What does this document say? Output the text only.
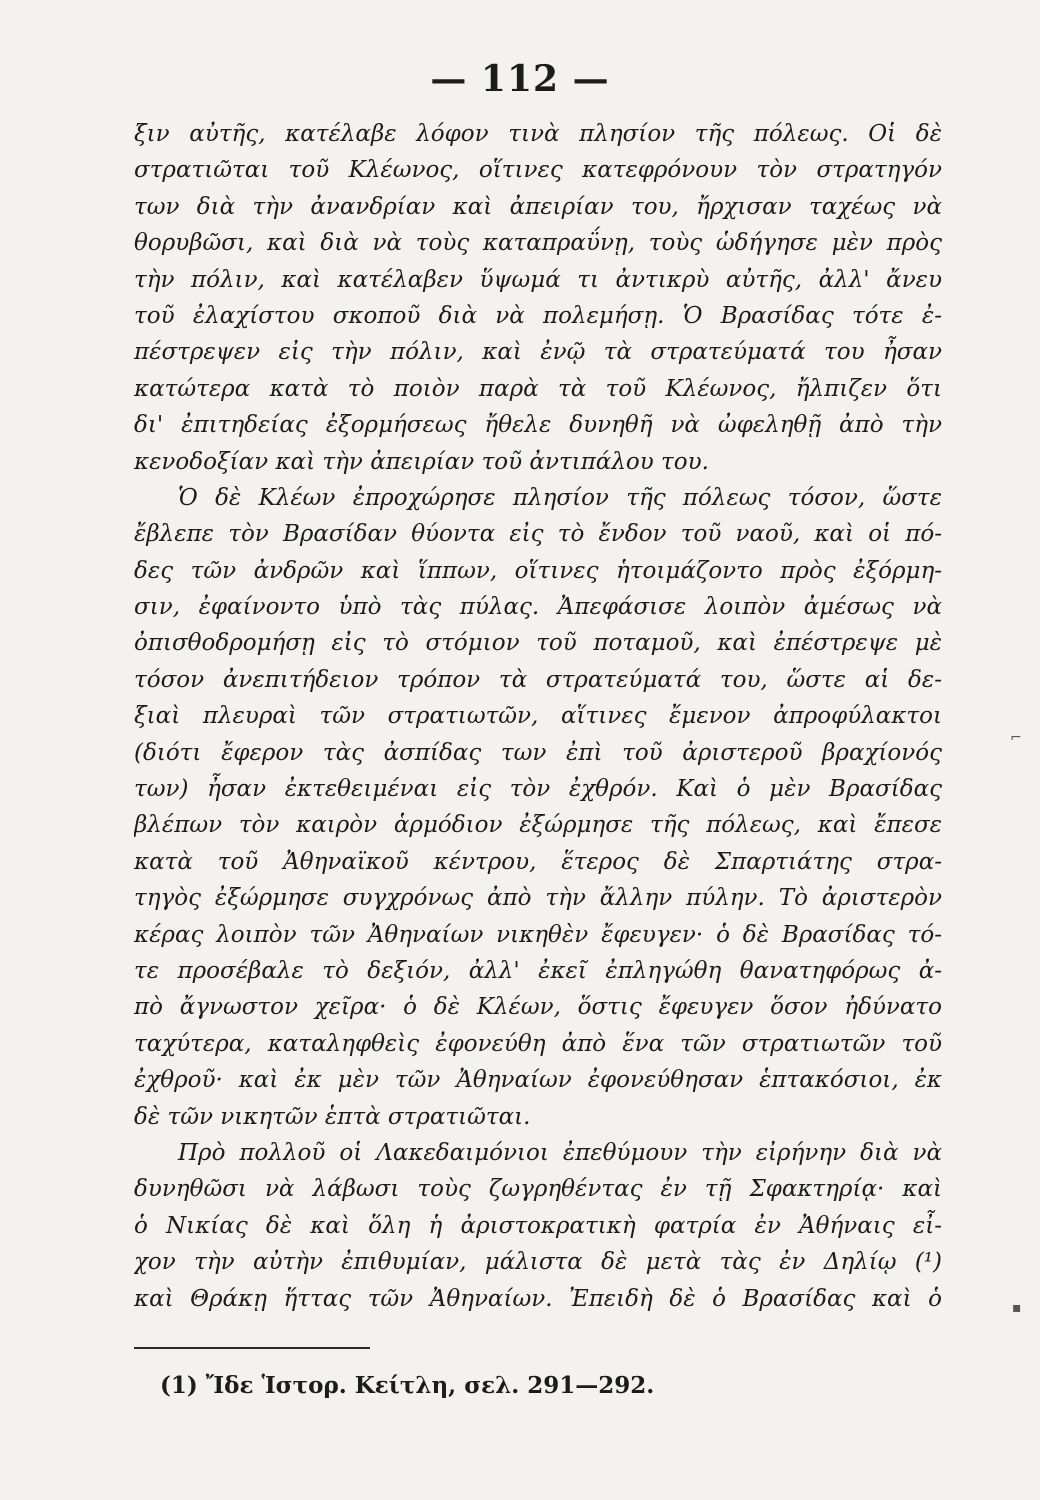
— 112 —
ξιν αὐτῆς, κατέλαβε λόφον τινὰ πλησίον τῆς πόλεως. Οἱ δὲ
στρατιῶται τοῦ Κλέωνος, οἵτινες κατεφρόνουν τὸν στρατηγόν
των διὰ τὴν ἀνανδρίαν καὶ ἀπειρίαν του, ἤρχισαν ταχέως νὰ
θορυβῶσι, καὶ διὰ νὰ τοὺς καταπραΰνῃ, τοὺς ὡδήγησε μὲν πρὸς
τὴν πόλιν, καὶ κατέλαβεν ὕψωμά τι ἀντικρὺ αὐτῆς, ἀλλ' ἄνευ
τοῦ ἐλαχίστου σκοποῦ διὰ νὰ πολεμήσῃ. Ὁ Βρασίδας τότε ἐ-
πέστρεψεν εἰς τὴν πόλιν, καὶ ἐνῷ τὰ στρατεύματά του ἦσαν
κατώτερα κατὰ τὸ ποιὸν παρὰ τὰ τοῦ Κλέωνος, ἤλπιζεν ὅτι
δι' ἐπιτηδείας ἐξορμήσεως ἤθελε δυνηθῆ νὰ ὠφεληθῇ ἀπὸ τὴν
κενοδοξίαν καὶ τὴν ἀπειρίαν τοῦ ἀντιπάλου του.
Ὁ δὲ Κλέων ἐπροχώρησε πλησίον τῆς πόλεως τόσον, ὥστε
ἔβλεπε τὸν Βρασίδαν θύοντα εἰς τὸ ἔνδον τοῦ ναοῦ, καὶ οἱ πό-
δες τῶν ἀνδρῶν καὶ ἵππων, οἵτινες ἡτοιμάζοντο πρὸς ἐξόρμη-
σιν, ἐφαίνοντο ὑπὸ τὰς πύλας. Ἀπεφάσισε λοιπὸν ἀμέσως νὰ
ὀπισθοδρομήσῃ εἰς τὸ στόμιον τοῦ ποταμοῦ, καὶ ἐπέστρεψε μὲ
τόσον ἀνεπιτήδειον τρόπον τὰ στρατεύματά του, ὥστε αἱ δε-
ξιαὶ πλευραὶ τῶν στρατιωτῶν, αἵτινες ἔμενον ἀπροφύλακτοι
(διότι ἔφερον τὰς ἀσπίδας των ἐπὶ τοῦ ἀριστεροῦ βραχίονός
των) ἦσαν ἐκτεθειμέναι εἰς τὸν ἐχθρόν. Καὶ ὁ μὲν Βρασίδας
βλέπων τὸν καιρὸν ἁρμόδιον ἐξώρμησε τῆς πόλεως, καὶ ἔπεσε
κατὰ τοῦ Ἀθηναϊκοῦ κέντρου, ἕτερος δὲ Σπαρτιάτης στρα-
τηγὸς ἐξώρμησε συγχρόνως ἀπὸ τὴν ἄλλην πύλην. Τὸ ἀριστερὸν
κέρας λοιπὸν τῶν Ἀθηναίων νικηθὲν ἔφευγεν· ὁ δὲ Βρασίδας τό-
τε προσέβαλε τὸ δεξιόν, ἀλλ' ἐκεῖ ἐπληγώθη θανατηφόρως ἀ-
πὸ ἄγνωστον χεῖρα· ὁ δὲ Κλέων, ὅστις ἔφευγεν ὅσον ἠδύνατο
ταχύτερα, καταληφθεὶς ἐφονεύθη ἀπὸ ἕνα τῶν στρατιωτῶν τοῦ
ἐχθροῦ· καὶ ἐκ μὲν τῶν Ἀθηναίων ἐφονεύθησαν ἑπτακόσιοι, ἐκ
δὲ τῶν νικητῶν ἑπτὰ στρατιῶται.
Πρὸ πολλοῦ οἱ Λακεδαιμόνιοι ἐπεθύμουν τὴν εἰρήνην διὰ νὰ
δυνηθῶσι νὰ λάβωσι τοὺς ζωγρηθέντας ἐν τῇ Σφακτηρίᾳ· καὶ
ὁ Νικίας δὲ καὶ ὅλη ἡ ἀριστοκρατικὴ φατρία ἐν Ἀθήναις εἶ-
χον τὴν αὐτὴν ἐπιθυμίαν, μάλιστα δὲ μετὰ τὰς ἐν Δηλίῳ (¹)
καὶ Θράκῃ ἥττας τῶν Ἀθηναίων. Ἐπειδὴ δὲ ὁ Βρασίδας καὶ ὁ
(1) Ἴδε Ἱστορ. Κείτλη, σελ. 291—292.
⌐
▪
